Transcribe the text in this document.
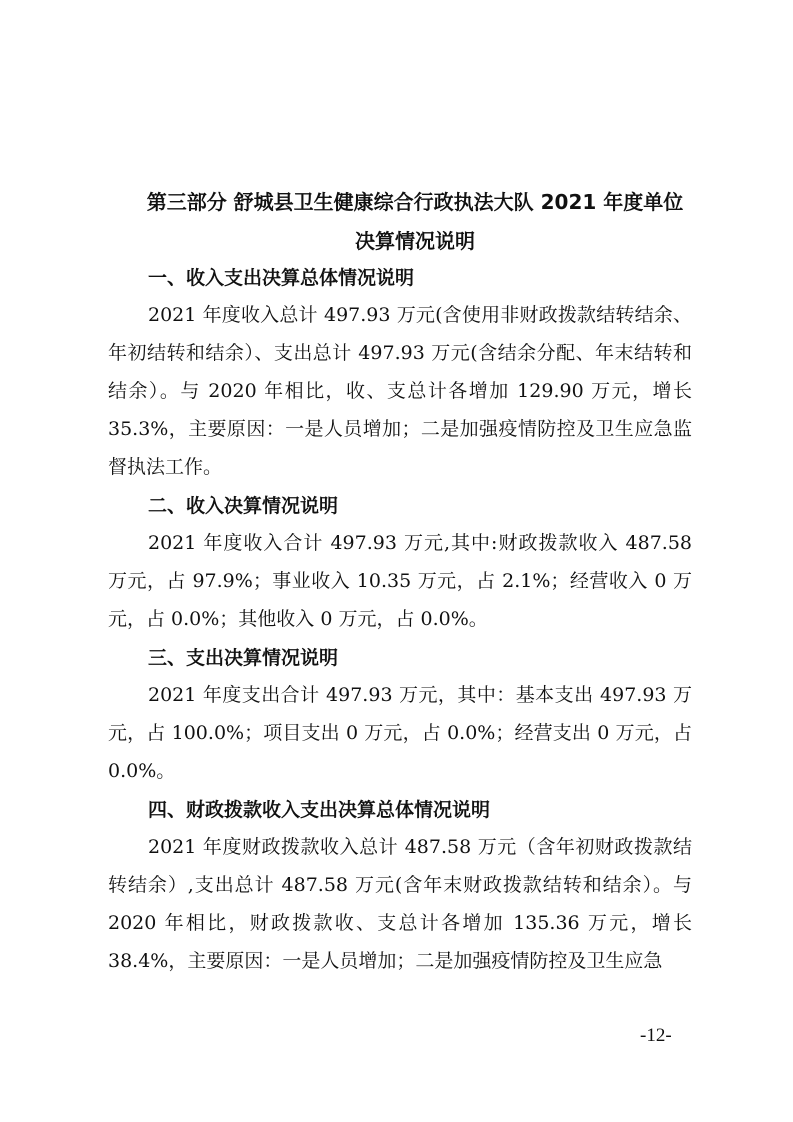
第三部分 舒城县卫生健康综合行政执法大队 2021 年度单位
决算情况说明
一、收入支出决算总体情况说明

2021 年度收入总计 497.93 万元(含使用非财政拨款结转结余、年初结转和结余）、支出总计 497.93 万元(含结余分配、年末结转和结余）。与 2020 年相比，收、支总计各增加 129.90 万元，增长 35.3%，主要原因：一是人员增加；二是加强疫情防控及卫生应急监督执法工作。

二、收入决算情况说明

2021 年度收入合计 497.93 万元,其中:财政拨款收入 487.58 万元，占 97.9%；事业收入 10.35 万元，占 2.1%；经营收入 0 万元，占 0.0%；其他收入 0 万元，占 0.0%。

三、支出决算情况说明

2021 年度支出合计 497.93 万元，其中：基本支出 497.93 万元，占 100.0%；项目支出 0 万元，占 0.0%；经营支出 0 万元，占 0.0%。

四、财政拨款收入支出决算总体情况说明

2021 年度财政拨款收入总计 487.58 万元（含年初财政拨款结转结余）,支出总计 487.58 万元(含年末财政拨款结转和结余）。与 2020 年相比，财政拨款收、支总计各增加 135.36 万元，增长 38.4%，主要原因：一是人员增加；二是加强疫情防控及卫生应急

-12-
